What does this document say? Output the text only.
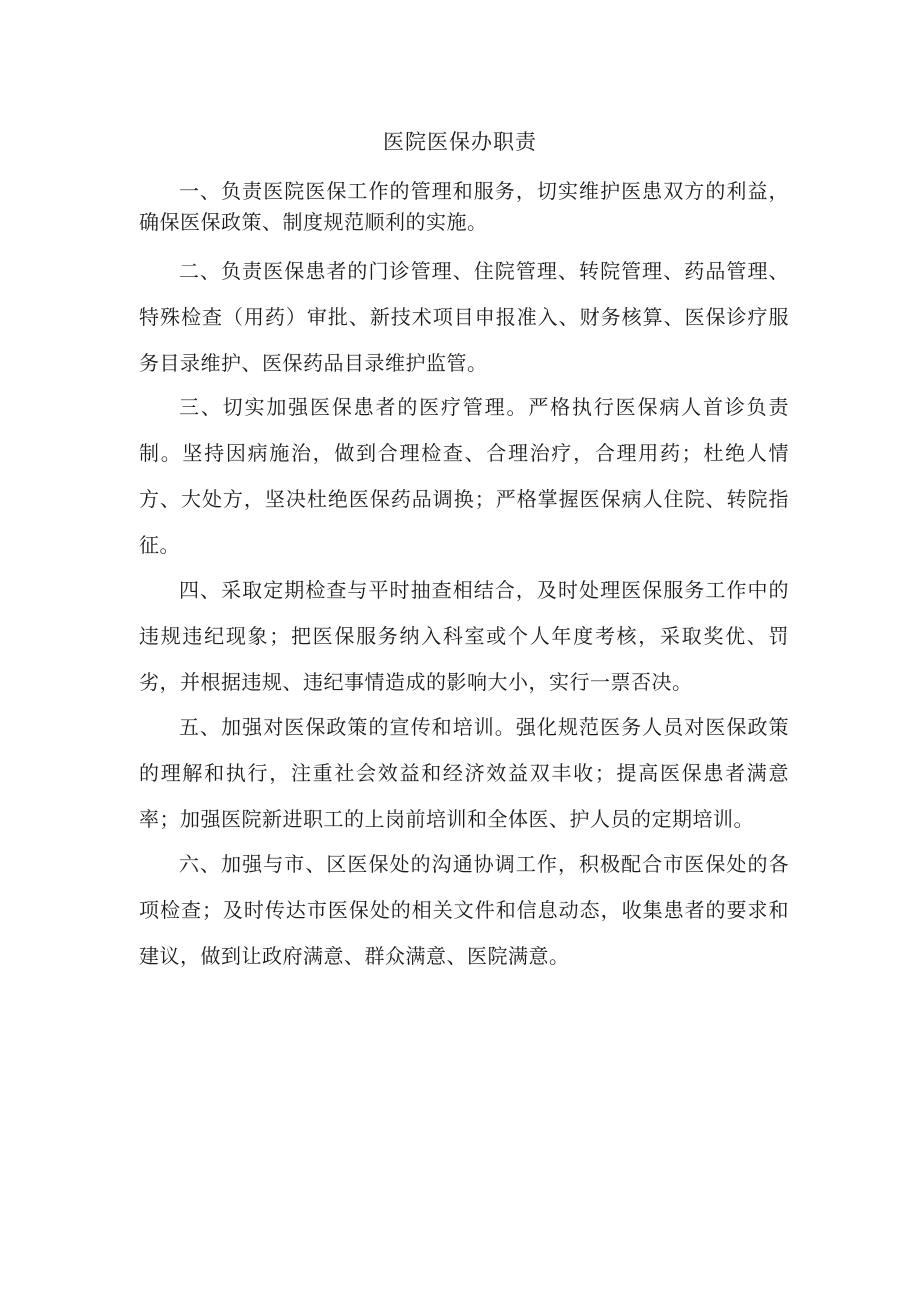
医院医保办职责

一、负责医院医保工作的管理和服务，切实维护医患双方的利益，确保医保政策、制度规范顺利的实施。

二、负责医保患者的门诊管理、住院管理、转院管理、药品管理、特殊检查（用药）审批、新技术项目申报准入、财务核算、医保诊疗服务目录维护、医保药品目录维护监管。

三、切实加强医保患者的医疗管理。严格执行医保病人首诊负责制。坚持因病施治，做到合理检查、合理治疗，合理用药；杜绝人情方、大处方，坚决杜绝医保药品调换；严格掌握医保病人住院、转院指征。

四、采取定期检查与平时抽查相结合，及时处理医保服务工作中的违规违纪现象；把医保服务纳入科室或个人年度考核，采取奖优、罚劣，并根据违规、违纪事情造成的影响大小，实行一票否决。

五、加强对医保政策的宣传和培训。强化规范医务人员对医保政策的理解和执行，注重社会效益和经济效益双丰收；提高医保患者满意率；加强医院新进职工的上岗前培训和全体医、护人员的定期培训。

六、加强与市、区医保处的沟通协调工作，积极配合市医保处的各项检查；及时传达市医保处的相关文件和信息动态，收集患者的要求和建议，做到让政府满意、群众满意、医院满意。
